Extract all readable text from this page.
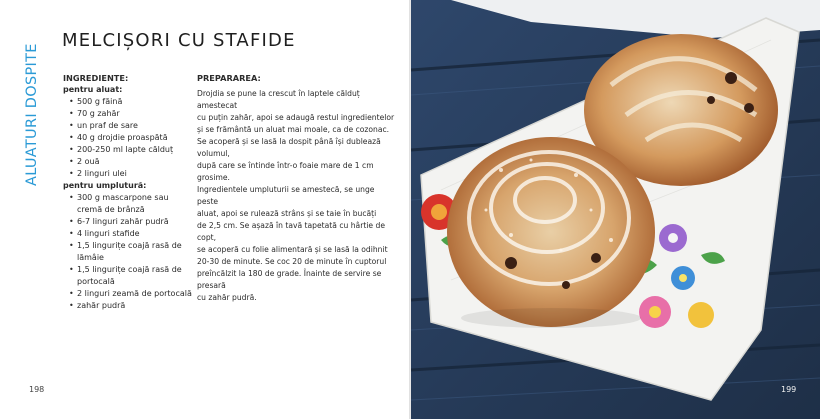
ALUATURI DOSPITE
MELCIȘORI CU STAFIDE
INGREDIENTE:
pentru aluat:
• 500 g făină
• 70 g zahăr
• un praf de sare
• 40 g drojdie proaspătă
• 200-250 ml lapte călduț
• 2 ouă
• 2 linguri ulei
pentru umplutură:
• 300 g mascarpone sau cremă de brânză
• 6-7 linguri zahăr pudră
• 4 linguri stafide
• 1,5 lingurițe coajă rasă de lămâie
• 1,5 lingurițe coajă rasă de portocală
• 2 linguri zeamă de portocală
• zahăr pudră
PREPARAREA:
Drojdia se pune la crescut în laptele călduț amestecat
cu puțin zahăr, apoi se adaugă restul ingredientelor
și se frământă un aluat mai moale, ca de cozonac.
Se acoperă și se lasă la dospit până își dublează volumul,
după care se întinde într-o foaie mare de 1 cm grosime.
Ingredientele umpluturii se amestecă, se unge peste
aluat, apoi se rulează strâns și se taie în bucăți
de 2,5 cm. Se așază în tavă tapetată cu hârtie de copt,
se acoperă cu folie alimentară și se lasă la odihnit
20-30 de minute. Se coc 20 de minute în cuptorul
preîncălzit la 180 de grade. Înainte de servire se presară
cu zahăr pudră.
198	199
